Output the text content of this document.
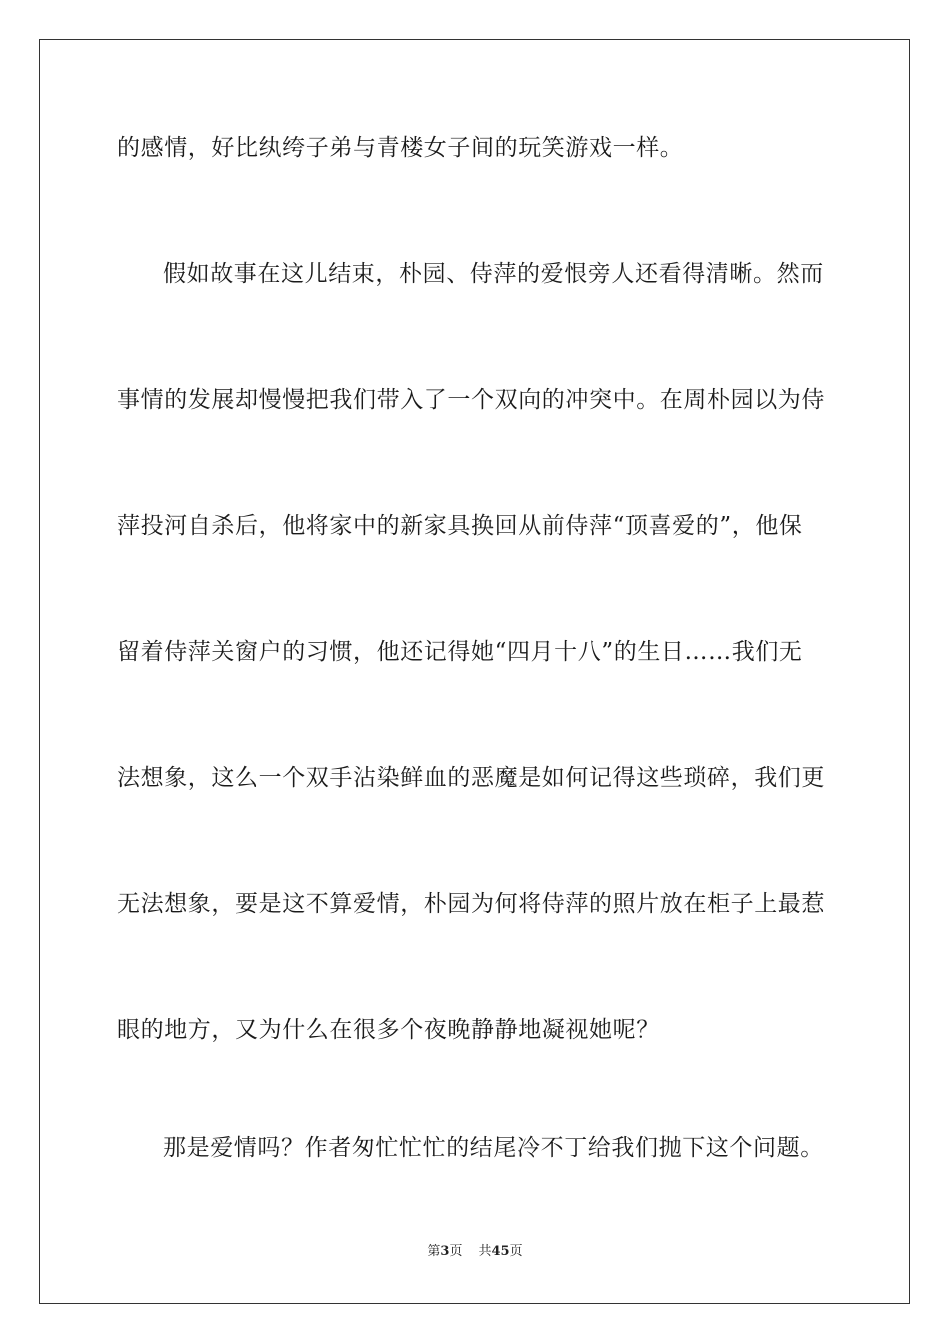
的感情，好比纨绔子弟与青楼女子间的玩笑游戏一样。
假如故事在这儿结束，朴园、侍萍的爱恨旁人还看得清晰。然而
事情的发展却慢慢把我们带入了一个双向的冲突中。在周朴园以为侍
萍投河自杀后，他将家中的新家具换回从前侍萍“顶喜爱的”，他保
留着侍萍关窗户的习惯，他还记得她“四月十八”的生日……我们无
法想象，这么一个双手沾染鲜血的恶魔是如何记得这些琐碎，我们更
无法想象，要是这不算爱情，朴园为何将侍萍的照片放在柜子上最惹
眼的地方，又为什么在很多个夜晚静静地凝视她呢？
那是爱情吗？作者匆忙忙忙的结尾冷不丁给我们抛下这个问题。
第3页 共45页
